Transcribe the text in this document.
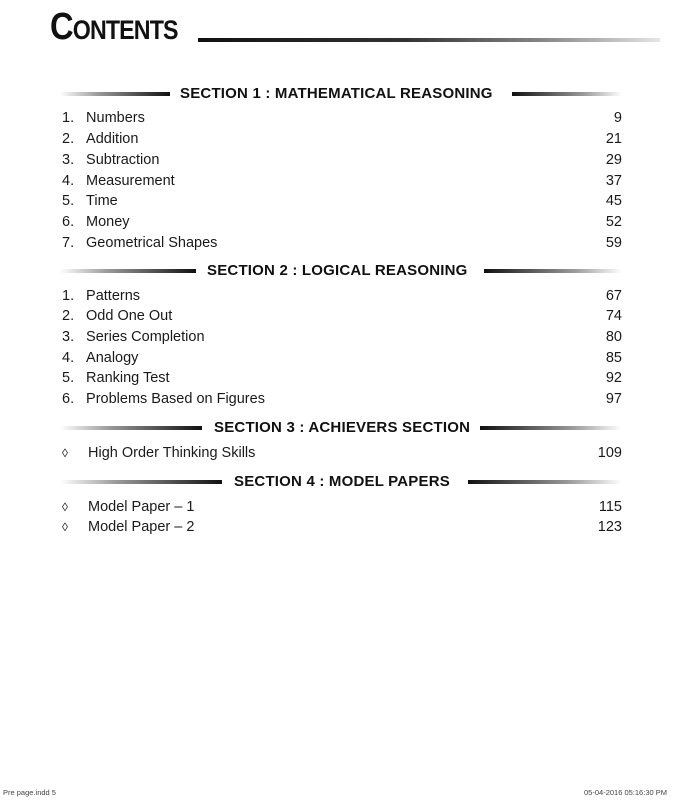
Contents
SECTION 1 : MATHEMATICAL REASONING
1. Numbers	9
2. Addition	21
3. Subtraction	29
4. Measurement	37
5. Time	45
6. Money	52
7. Geometrical Shapes	59
SECTION 2 : LOGICAL REASONING
1. Patterns	67
2. Odd One Out	74
3. Series Completion	80
4. Analogy	85
5. Ranking Test	92
6. Problems Based on Figures	97
SECTION 3 : ACHIEVERS SECTION
◊ High Order Thinking Skills	109
SECTION 4 : MODEL PAPERS
◊ Model Paper – 1	115
◊ Model Paper – 2	123
Pre page.indd 5	05-04-2016 05:16:30 PM
